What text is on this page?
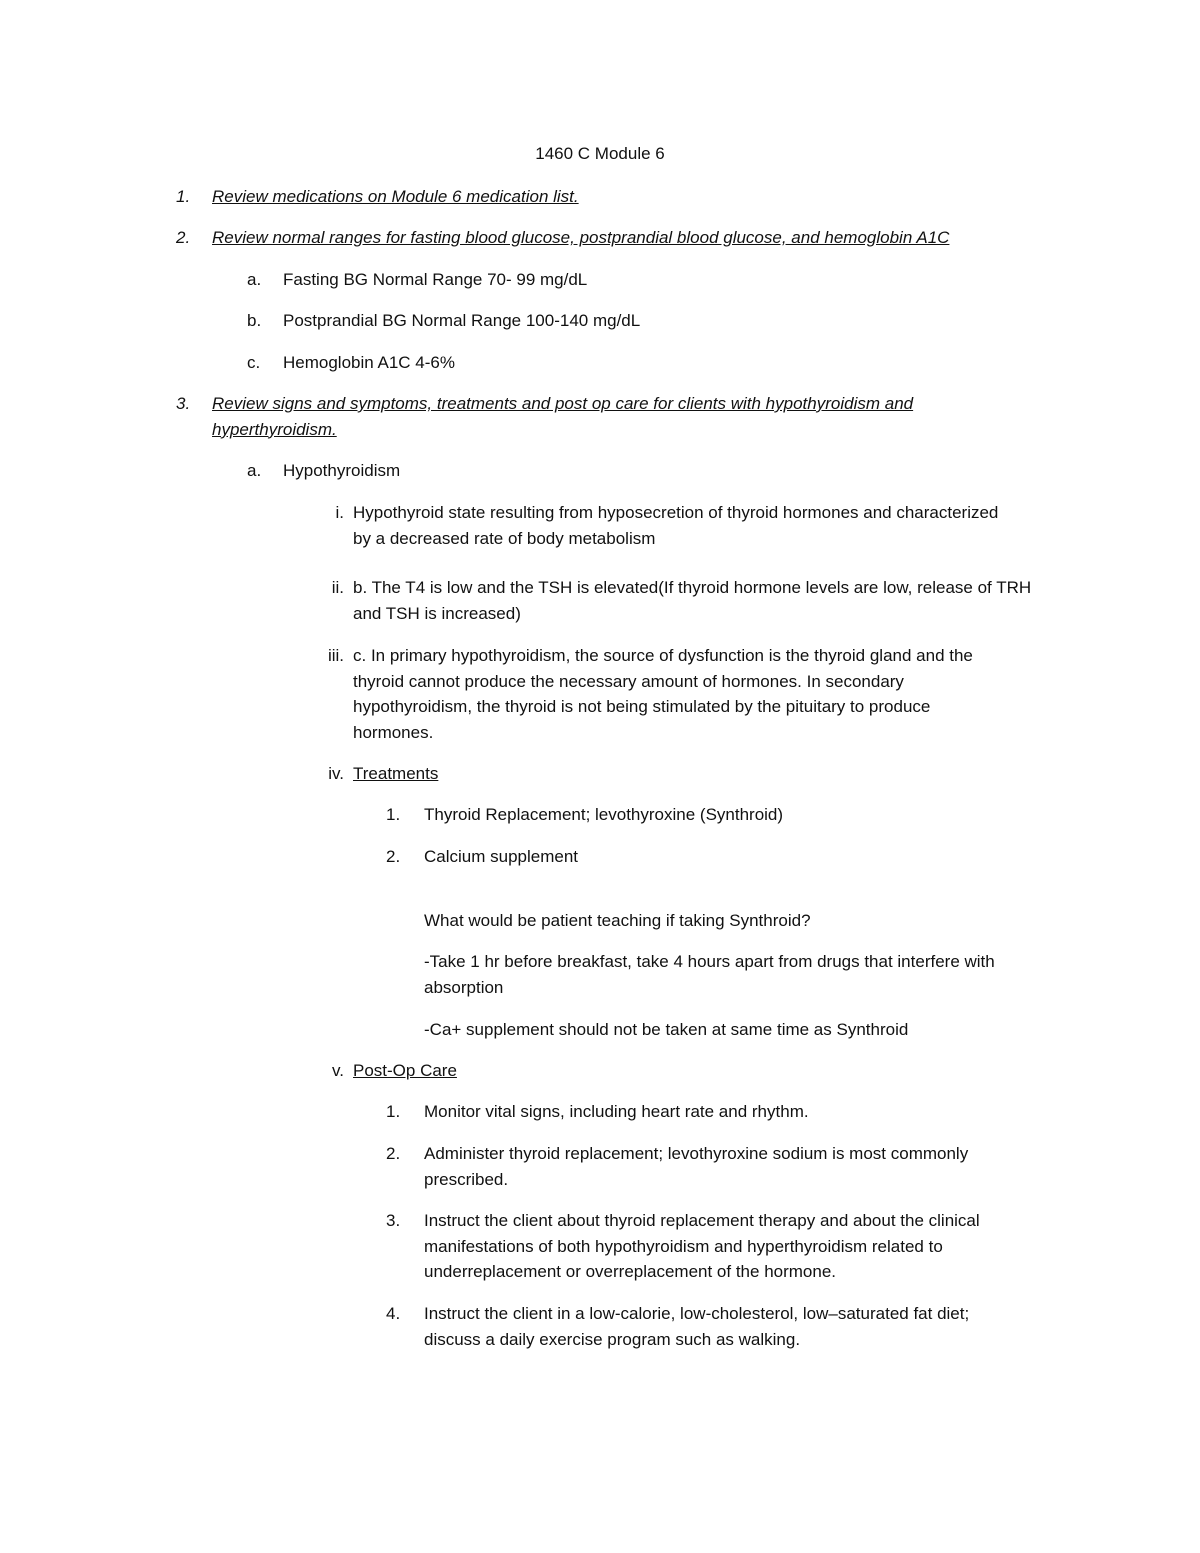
1460 C Module 6
1.	Review medications on Module 6 medication list.
2.	Review normal ranges for fasting blood glucose, postprandial blood glucose, and hemoglobin A1C
a.	Fasting BG Normal Range 70- 99 mg/dL
b.	Postprandial BG Normal Range 100-140 mg/dL
c.	Hemoglobin A1C 4-6%
3.	Review signs and symptoms, treatments and post op care for clients with hypothyroidism and
hyperthyroidism.
a.	Hypothyroidism
i. Hypothyroid state resulting from hyposecretion of thyroid hormones and characterized
by a decreased rate of body metabolism
ii. b. The T4 is low and the TSH is elevated(If thyroid hormone levels are low, release of TRH
and TSH is increased)
iii. c. In primary hypothyroidism, the source of dysfunction is the thyroid gland and the
thyroid cannot produce the necessary amount of hormones. In secondary
hypothyroidism, the thyroid is not being stimulated by the pituitary to produce
hormones.
iv. Treatments
1.	Thyroid Replacement; levothyroxine (Synthroid)
2.	Calcium supplement
What would be patient teaching if taking Synthroid?
-Take 1 hr before breakfast, take 4 hours apart from drugs that interfere with
absorption
-Ca+ supplement should not be taken at same time as Synthroid
v. Post-Op Care
1.	Monitor vital signs, including heart rate and rhythm.
2.	Administer thyroid replacement; levothyroxine sodium is most commonly
prescribed.
3.	Instruct the client about thyroid replacement therapy and about the clinical
manifestations of both hypothyroidism and hyperthyroidism related to
underreplacement or overreplacement of the hormone.
4.	Instruct the client in a low-calorie, low-cholesterol, low–saturated fat diet;
discuss a daily exercise program such as walking.
